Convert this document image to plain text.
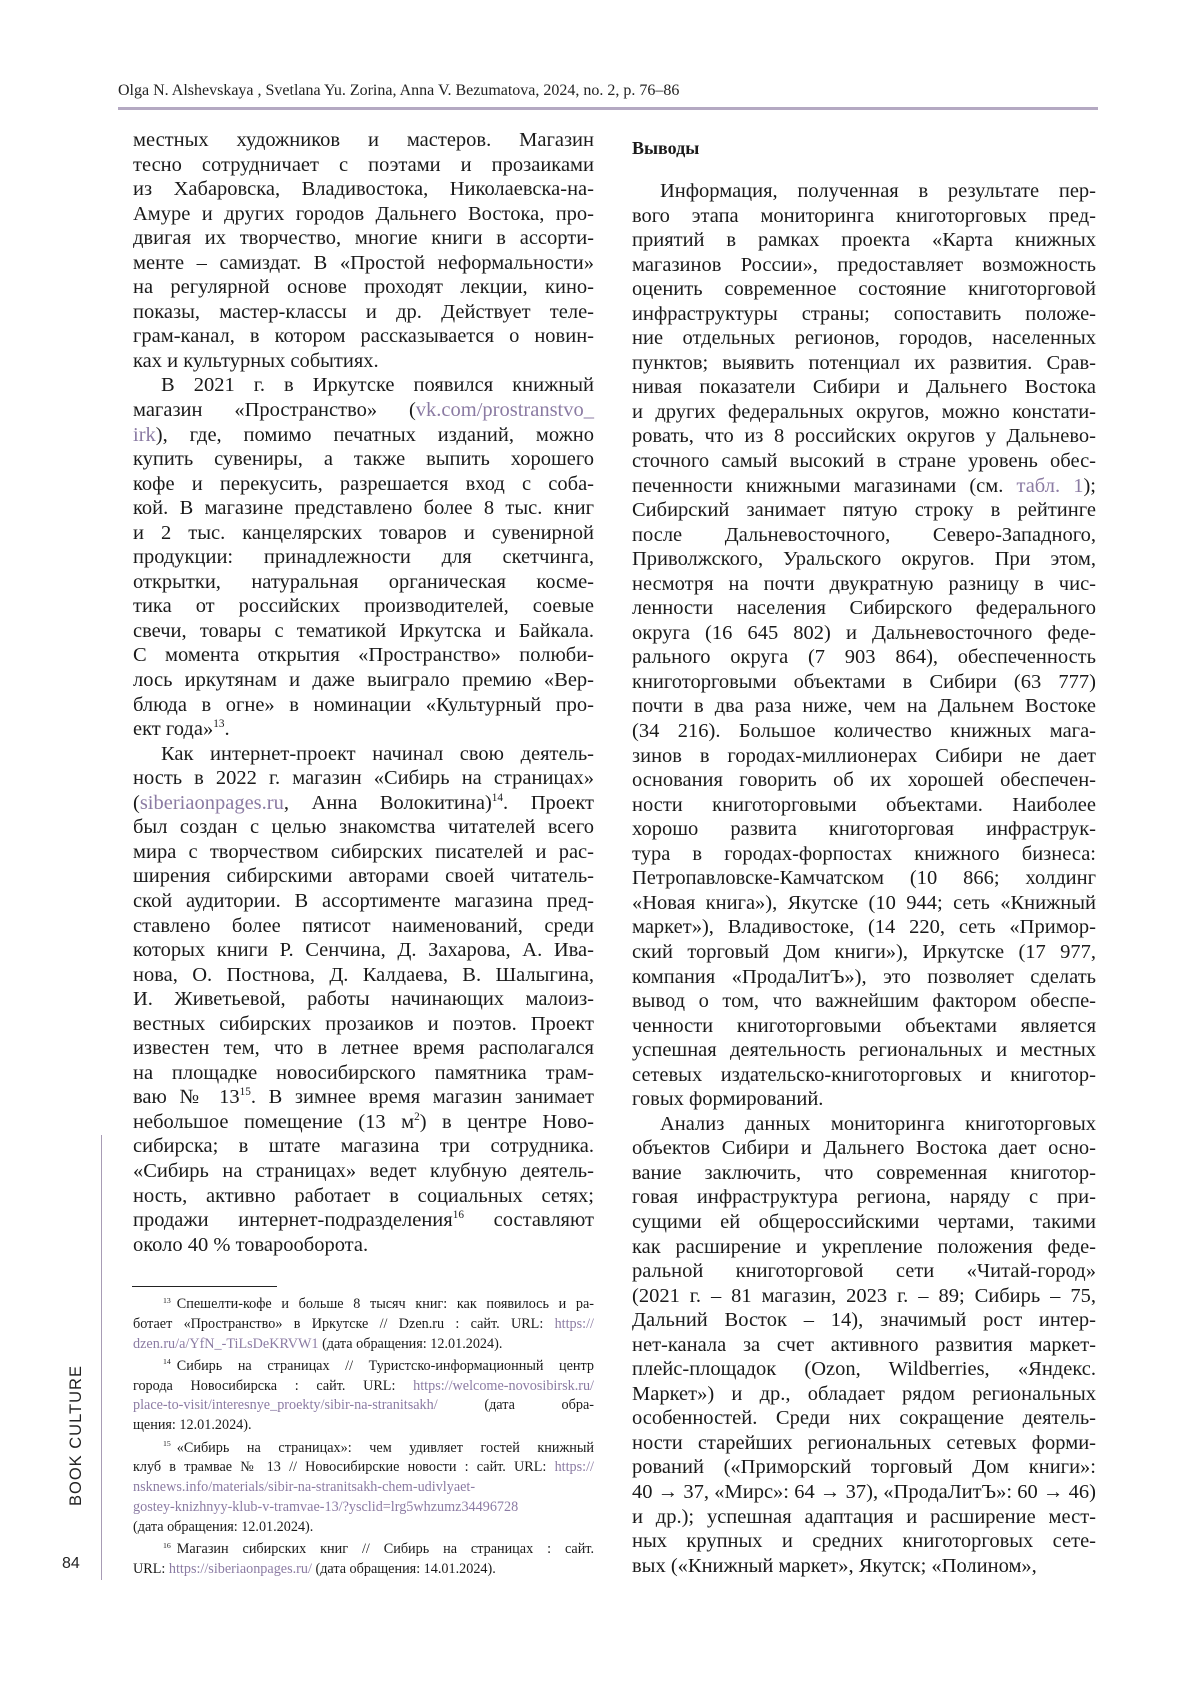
Olga N. Alshevskaya , Svetlana Yu. Zorina, Anna V. Bezumatova, 2024, no. 2, p. 76–86
местных художников и мастеров. Магазин
тесно сотрудничает с поэтами и прозаиками
из Хабаровска, Владивостока, Николаевска-на-
Амуре и других городов Дальнего Востока, про-
двигая их творчество, многие книги в ассорти-
менте – самиздат. В «Простой неформальности»
на регулярной основе проходят лекции, кино-
показы, мастер-классы и др. Действует теле-
грам-канал, в котором рассказывается о новин-
ках и культурных событиях.
В 2021 г. в Иркутске появился книжный
магазин «Пространство» (vk.com/prostranstvo_
irk), где, помимо печатных изданий, можно
купить сувениры, а также выпить хорошего
кофе и перекусить, разрешается вход с соба-
кой. В магазине представлено более 8 тыс. книг
и 2 тыс. канцелярских товаров и сувенирной
продукции: принадлежности для скетчинга,
открытки, натуральная органическая косме-
тика от российских производителей, соевые
свечи, товары с тематикой Иркутска и Байкала.
С момента открытия «Пространство» полюби-
лось иркутянам и даже выиграло премию «Вер-
блюда в огне» в номинации «Культурный про-
ект года»$^{13}$.
Как интернет-проект начинал свою деятель-
ность в 2022 г. магазин «Сибирь на страницах»
(siberiaonpages.ru, Анна Волокитина)$^{14}$. Проект
был создан с целью знакомства читателей всего
мира с творчеством сибирских писателей и рас-
ширения сибирскими авторами своей читатель-
ской аудитории. В ассортименте магазина пред-
ставлено более пятисот наименований, среди
которых книги Р. Сенчина, Д. Захарова, А. Ива-
нова, О. Постнова, Д. Калдаева, В. Шалыгина,
И. Живетьевой, работы начинающих малоиз-
вестных сибирских прозаиков и поэтов. Проект
известен тем, что в летнее время располагался
на площадке новосибирского памятника трам-
ваю № $13^{15}$. В зимнее время магазин занимает
небольшое помещение (13 $м^2$) в центре Ново-
сибирска; в штате магазина три сотрудника.
«Сибирь на страницах» ведет клубную деятель-
ность, активно работает в социальных сетях;
продажи интернет-подразделения$^{16}$ составляют
около 40 % товарооборота.
Выводы
Информация, полученная в результате пер-
вого этапа мониторинга книготорговых пред-
приятий в рамках проекта «Карта книжных
магазинов России», предоставляет возможность
оценить современное состояние книготорговой
инфраструктуры страны; сопоставить положе-
ние отдельных регионов, городов, населенных
пунктов; выявить потенциал их развития. Срав-
нивая показатели Сибири и Дальнего Востока
и других федеральных округов, можно констати-
ровать, что из 8 российских округов у Дальнево-
сточного самый высокий в стране уровень обес-
печенности книжными магазинами (см. табл. 1);
Сибирский занимает пятую строку в рейтинге
после Дальневосточного, Северо-Западного,
Приволжского, Уральского округов. При этом,
несмотря на почти двукратную разницу в чис-
ленности населения Сибирского федерального
округа (16 645 802) и Дальневосточного феде-
рального округа (7 903 864), обеспеченность
книготорговыми объектами в Сибири (63 777)
почти в два раза ниже, чем на Дальнем Востоке
(34 216). Большое количество книжных мага-
зинов в городах-миллионерах Сибири не дает
основания говорить об их хорошей обеспечен-
ности книготорговыми объектами. Наиболее
хорошо развита книготорговая инфраструк-
тура в городах-форпостах книжного бизнеса:
Петропавловске-Камчатском (10 866; холдинг
«Новая книга»), Якутске (10 944; сеть «Книжный
маркет»), Владивостоке, (14 220, сеть «Примор-
ский торговый Дом книги»), Иркутске (17 977,
компания «ПродаЛитЪ»), это позволяет сделать
вывод о том, что важнейшим фактором обеспе-
ченности книготорговыми объектами является
успешная деятельность региональных и местных
сетевых издательско-книготорговых и книготор-
говых формирований.
Анализ данных мониторинга книготорговых
объектов Сибири и Дальнего Востока дает осно-
вание заключить, что современная книготор-
говая инфраструктура региона, наряду с при-
сущими ей общероссийскими чертами, такими
как расширение и укрепление положения феде-
ральной книготорговой сети «Читай-город»
(2021 г. – 81 магазин, 2023 г. – 89; Сибирь – 75,
Дальний Восток – 14), значимый рост интер-
нет-канала за счет активного развития маркет-
плейс-площадок (Ozon, Wildberries, «Яндекс.
Маркет») и др., обладает рядом региональных
особенностей. Среди них сокращение деятель-
ности старейших региональных сетевых форми-
рований («Приморский торговый Дом книги»:
40 → 37, «Мирс»: 64 → 37), «ПродаЛитЪ»: 60 → 46)
и др.); успешная адаптация и расширение мест-
ных крупных и средних книготорговых сете-
вых («Книжный маркет», Якутск; «Полином»,
$^{13}$ Спешелти-кофе и больше 8 тысяч книг: как появилось и ра-
ботает «Пространство» в Иркутске // Dzen.ru : сайт. URL: https://
dzen.ru/a/YfN_-TiLsDeKRVW1 (дата обращения: 12.01.2024).
$^{14}$ Сибирь на страницах // Туристско-информационный центр
города Новосибирска : сайт. URL: https://welcome-novosibirsk.ru/
place-to-visit/interesnye_proekty/sibir-na-stranitsakh/ (дата обра-
щения: 12.01.2024).
$^{15}$ «Сибирь на страницах»: чем удивляет гостей книжный
клуб в трамвае № 13 // Новосибирские новости : сайт. URL: https://
nsknews.info/materials/sibir-na-stranitsakh-chem-udivlyaet-
gostey-knizhnyy-klub-v-tramvae-13/?ysclid=lrg5whzumz34496728
(дата обращения: 12.01.2024).
$^{16}$ Магазин сибирских книг // Сибирь на страницах : сайт.
URL: https://siberiaonpages.ru/ (дата обращения: 14.01.2024).
BOOK CULTURE
84
